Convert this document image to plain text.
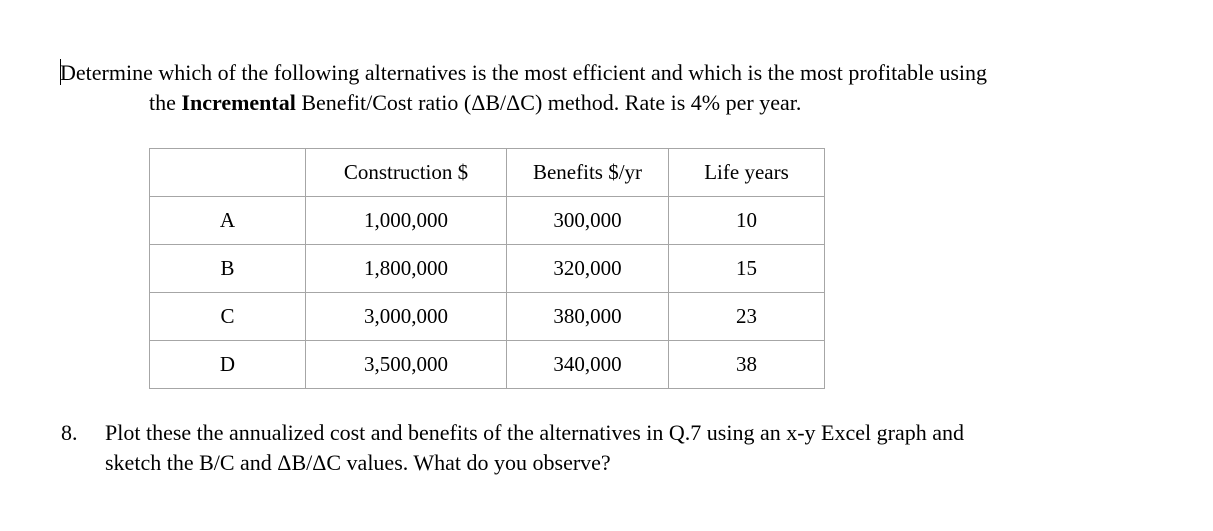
Determine which of the following alternatives is the most efficient and which is the most profitable using
the Incremental Benefit/Cost ratio (ΔB/ΔC) method. Rate is 4% per year.
	Construction $	Benefits $/yr	Life years
A	1,000,000	300,000	10
B	1,800,000	320,000	15
C	3,000,000	380,000	23
D	3,500,000	340,000	38
8. Plot these the annualized cost and benefits of the alternatives in Q.7 using an x-y Excel graph and
sketch the B/C and ΔB/ΔC values. What do you observe?
